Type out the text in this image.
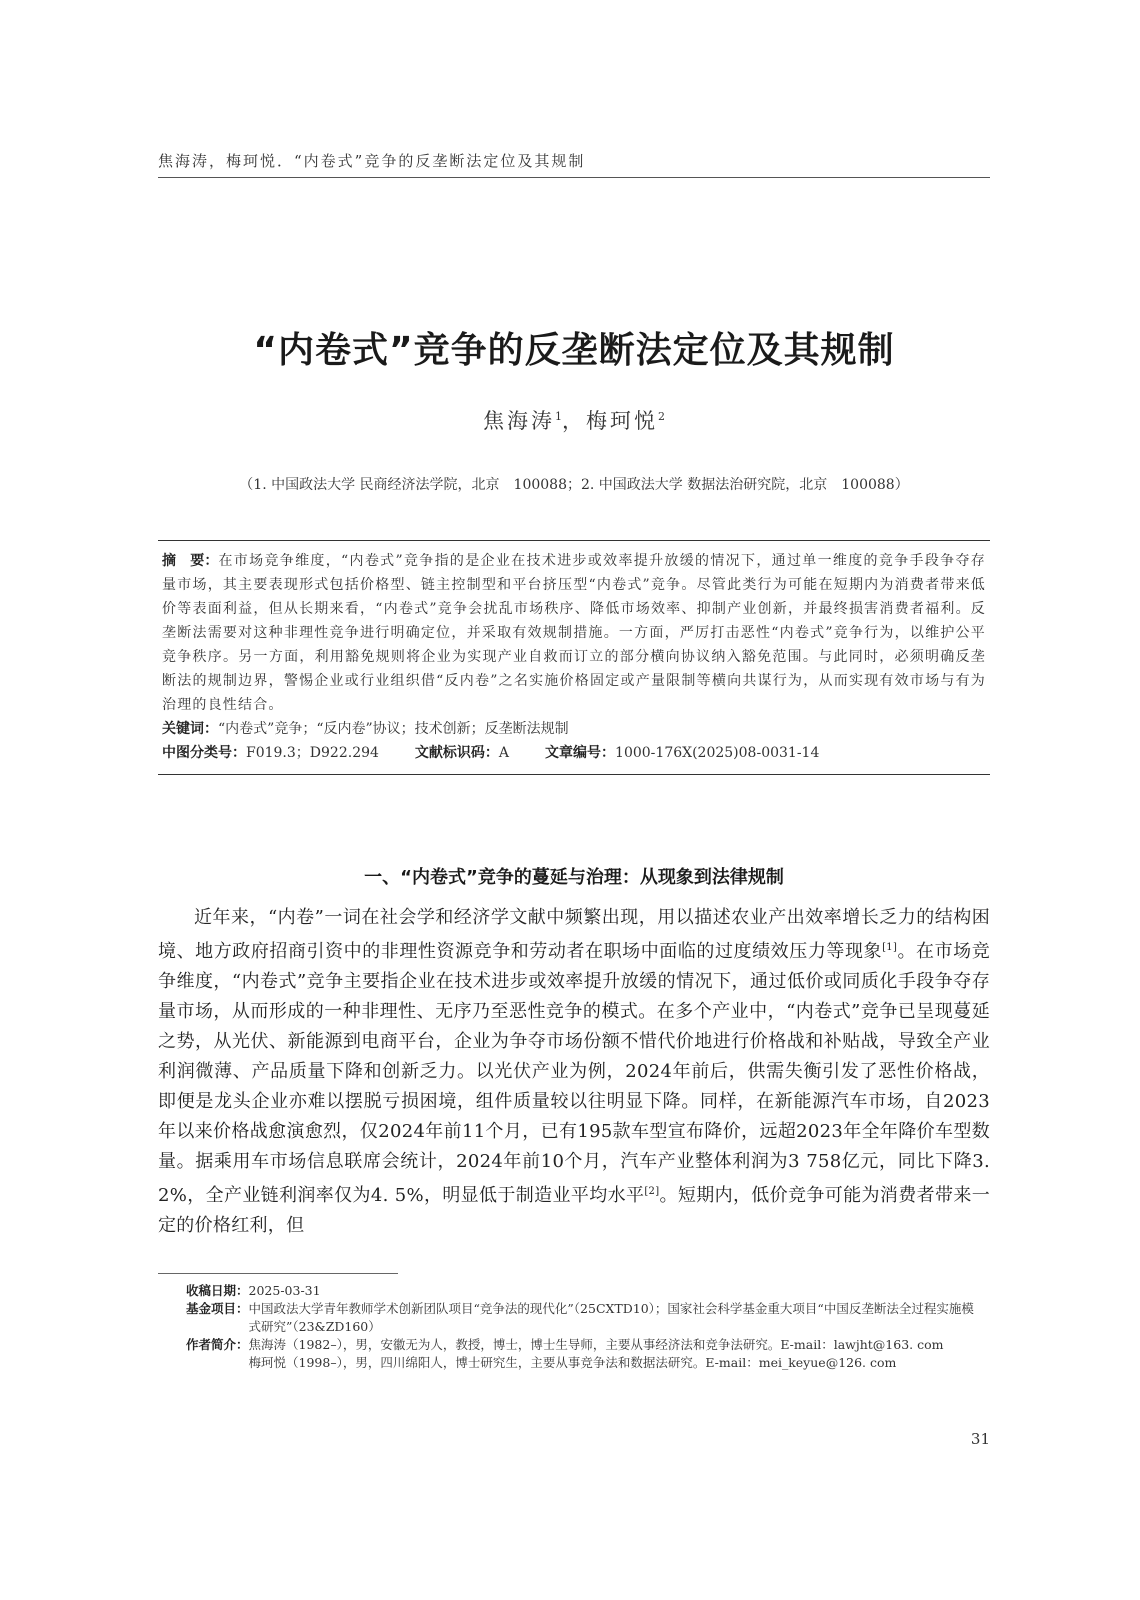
焦海涛，梅珂悦．“内卷式”竞争的反垄断法定位及其规制
“内卷式”竞争的反垄断法定位及其规制
焦海涛$^1$，梅珂悦$^2$
（1. 中国政法大学 民商经济法学院，北京　100088；2. 中国政法大学 数据法治研究院，北京　100088）
摘　要：在市场竞争维度，“内卷式”竞争指的是企业在技术进步或效率提升放缓的情况下，通过单一维度的竞争手段争夺存量市场，其主要表现形式包括价格型、链主控制型和平台挤压型“内卷式”竞争。尽管此类行为可能在短期内为消费者带来低价等表面利益，但从长期来看，“内卷式”竞争会扰乱市场秩序、降低市场效率、抑制产业创新，并最终损害消费者福利。反垄断法需要对这种非理性竞争进行明确定位，并采取有效规制措施。一方面，严厉打击恶性“内卷式”竞争行为，以维护公平竞争秩序。另一方面，利用豁免规则将企业为实现产业自救而订立的部分横向协议纳入豁免范围。与此同时，必须明确反垄断法的规制边界，警惕企业或行业组织借“反内卷”之名实施价格固定或产量限制等横向共谋行为，从而实现有效市场与有为治理的良性结合。
关键词：“内卷式”竞争；“反内卷”协议；技术创新；反垄断法规制
中图分类号：F019.3；D922.294	文献标识码：A	文章编号：1000-176X(2025)08-0031-14
一、“内卷式”竞争的蔓延与治理：从现象到法律规制

近年来，“内卷”一词在社会学和经济学文献中频繁出现，用以描述农业产出效率增长乏力的结构困境、地方政府招商引资中的非理性资源竞争和劳动者在职场中面临的过度绩效压力等现象[1]。在市场竞争维度，“内卷式”竞争主要指企业在技术进步或效率提升放缓的情况下，通过低价或同质化手段争夺存量市场，从而形成的一种非理性、无序乃至恶性竞争的模式。在多个产业中，“内卷式”竞争已呈现蔓延之势，从光伏、新能源到电商平台，企业为争夺市场份额不惜代价地进行价格战和补贴战，导致全产业利润微薄、产品质量下降和创新乏力。以光伏产业为例，2024年前后，供需失衡引发了恶性价格战，即便是龙头企业亦难以摆脱亏损困境，组件质量较以往明显下降。同样，在新能源汽车市场，自2023年以来价格战愈演愈烈，仅2024年前11个月，已有195款车型宣布降价，远超2023年全年降价车型数量。据乘用车市场信息联席会统计，2024年前10个月，汽车产业整体利润为3 758亿元，同比下降3. 2%，全产业链利润率仅为4. 5%，明显低于制造业平均水平[2]。短期内，低价竞争可能为消费者带来一定的价格红利，但

收稿日期： 2025-03-31
基金项目： 中国政法大学青年教师学术创新团队项目“竞争法的现代化”（25CXTD10）；国家社会科学基金重大项目“中国反垄断法全过程实施模式研究”（23&ZD160）
作者简介： 焦海涛（1982–），男，安徽无为人，教授，博士，博士生导师，主要从事经济法和竞争法研究。E-mail：lawjht@163. com
梅珂悦（1998–），男，四川绵阳人，博士研究生，主要从事竞争法和数据法研究。E-mail：mei_keyue@126. com
31
